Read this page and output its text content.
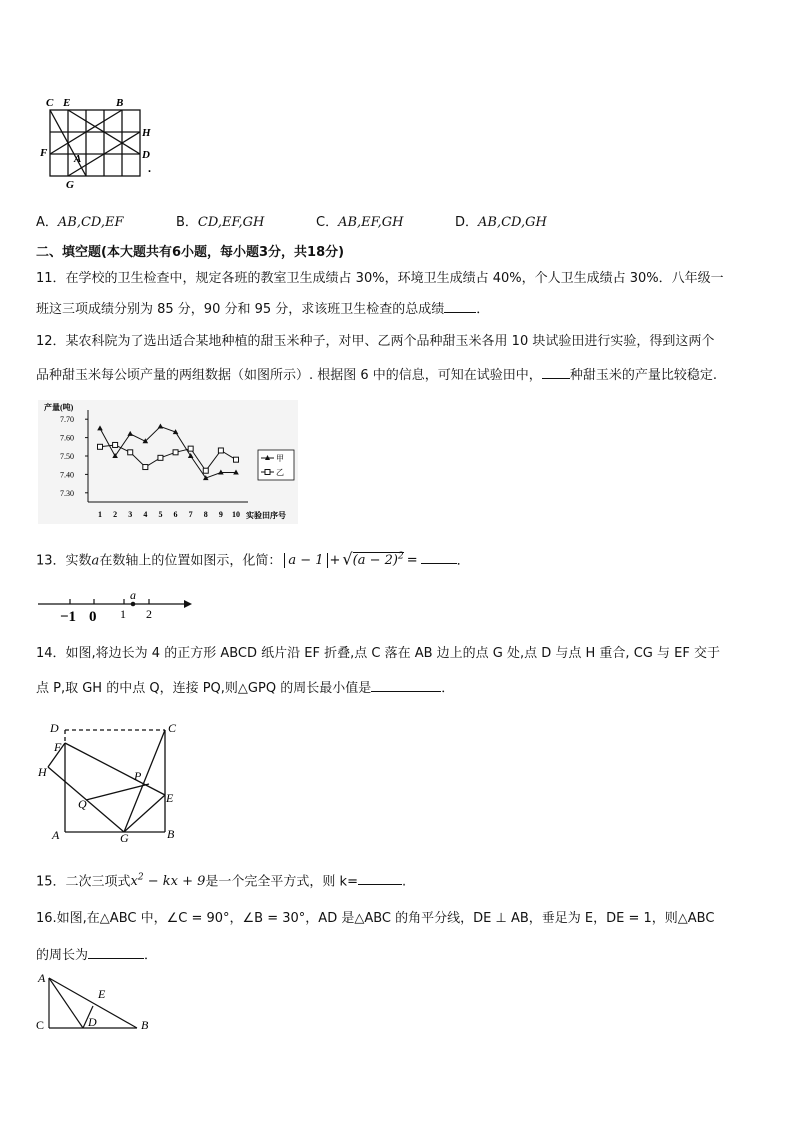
C E	B
H
F	D
A
G
.
A．AB,CD,EF	B．CD,EF,GH	C．AB,EF,GH	D．AB,CD,GH
二、填空题(本大题共有6小题，每小题3分，共18分)
11．在学校的卫生检查中，规定各班的教室卫生成绩占 30%，环境卫生成绩占 40%，个人卫生成绩占 30%．八年级一
班这三项成绩分别为 85 分，90 分和 95 分，求该班卫生检查的总成绩 ．
12．某农科院为了选出适合某地种植的甜玉米种子，对甲、乙两个品种甜玉米各用 10 块试验田进行实验，得到这两个
品种甜玉米每公顷产量的两组数据（如图所示）. 根据图 6 中的信息，可知在试验田中， 种甜玉米的产量比较稳定.
产量(吨)
实验田序号
7.70
7.60
7.50
7.40
7.30
1 2 3 4 5 6 7 8 9 10
甲
乙
13．实数a在数轴上的位置如图示，化简： $a - 1 + √(a - 2)^2$ =	．
a
−1 0 1 2
14．如图,将边长为 4 的正方形 ABCD 纸片沿 EF 折叠,点 C 落在 AB 边上的点 G 处,点 D 与点 H 重合, CG 与 EF 交于
点 P,取 GH 的中点 Q，连接 PQ,则△GPQ 的周长最小值是	．
D	C
F
H	P
Q	E
A	G	B
15．二次三项式$x^2$ − kx + 9是一个完全平方式，则 k=	.
16.如图,在△ABC 中，∠C = 90°，∠B = 30°，AD 是△ABC 的角平分线，DE ⊥ AB，垂足为 E，DE = 1，则△ABC
的周长为	．
A
E
C	D	B
